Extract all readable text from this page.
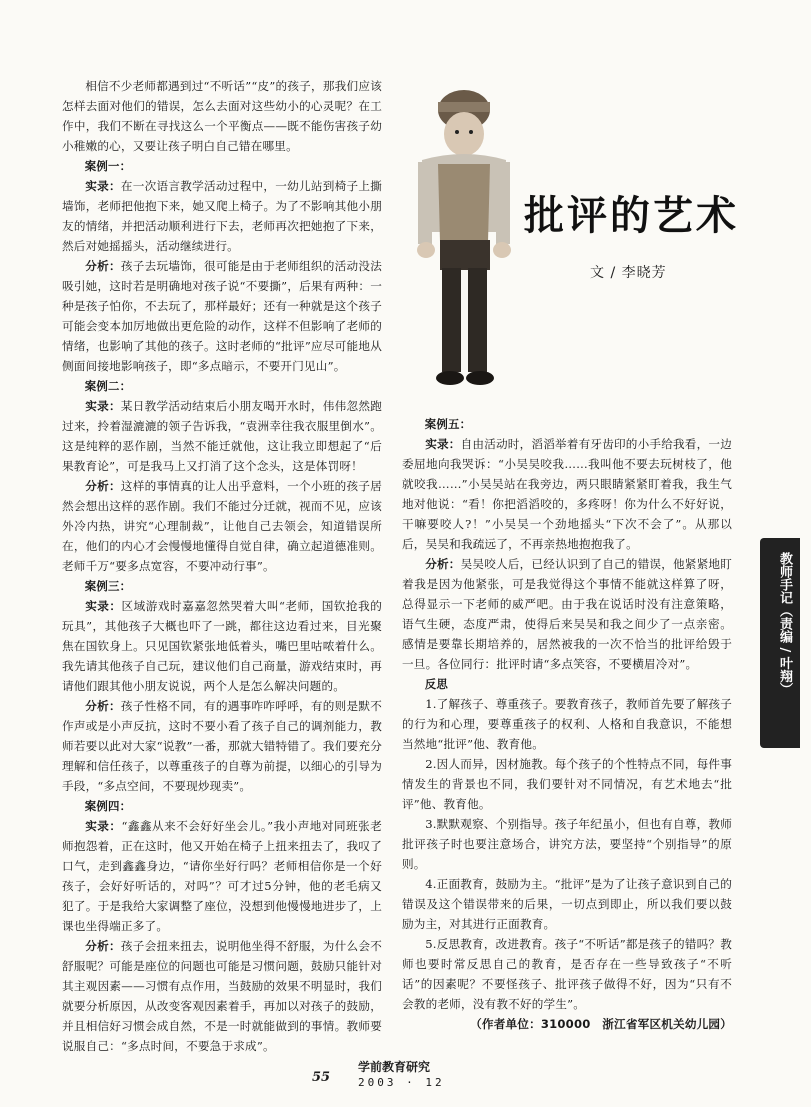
批评的艺术
文 / 李晓芳

相信不少老师都遇到过“不听话”“皮”的孩子，那我们应该怎样去面对他们的错误，怎么去面对这些幼小的心灵呢？在工作中，我们不断在寻找这么一个平衡点——既不能伤害孩子幼小稚嫩的心，又要让孩子明白自己错在哪里。

案例一：

实录：在一次语言教学活动过程中，一幼儿站到椅子上撕墙饰，老师把他抱下来，她又爬上椅子。为了不影响其他小朋友的情绪，并把活动顺利进行下去，老师再次把她抱了下来，然后对她摇摇头，活动继续进行。

分析：孩子去玩墙饰，很可能是由于老师组织的活动没法吸引她，这时若是明确地对孩子说“不要撕”，后果有两种：一种是孩子怕你，不去玩了，那样最好；还有一种就是这个孩子可能会变本加厉地做出更危险的动作，这样不但影响了老师的情绪，也影响了其他的孩子。这时老师的“批评”应尽可能地从侧面间接地影响孩子，即“多点暗示，不要开门见山”。

案例二：

实录：某日教学活动结束后小朋友喝开水时，伟伟忽然跑过来，拎着湿漉漉的领子告诉我，“袁洲幸往我衣服里倒水”。这是纯粹的恶作剧，当然不能迁就他，这让我立即想起了“后果教育论”，可是我马上又打消了这个念头，这是体罚呀！

分析：这样的事情真的让人出乎意料，一个小班的孩子居然会想出这样的恶作剧。我们不能过分迁就，视而不见，应该外冷内热，讲究“心理制裁”，让他自己去领会，知道错误所在，他们的内心才会慢慢地懂得自觉自律，确立起道德准则。老师千万“要多点宽容，不要冲动行事”。

案例三：

实录：区域游戏时嘉嘉忽然哭着大叫“老师，国钦抢我的玩具”，其他孩子大概也吓了一跳，都往这边看过来，目光聚焦在国钦身上。只见国钦紧张地低着头，嘴巴里咕哝着什么。我先请其他孩子自己玩，建议他们自己商量，游戏结束时，再请他们跟其他小朋友说说，两个人是怎么解决问题的。

分析：孩子性格不同，有的遇事咋咋呼呼，有的则是默不作声或是小声反抗，这时不要小看了孩子自己的调剂能力，教师若要以此对大家“说教”一番，那就大错特错了。我们要充分理解和信任孩子，以尊重孩子的自尊为前提，以细心的引导为手段，“多点空间，不要现炒现卖”。

案例四：

实录：“鑫鑫从来不会好好坐会儿。”我小声地对同班张老师抱怨着，正在这时，他又开始在椅子上扭来扭去了，我叹了口气，走到鑫鑫身边，“请你坐好行吗？老师相信你是一个好孩子，会好好听话的，对吗”？可才过5分钟，他的老毛病又犯了。于是我给大家调整了座位，没想到他慢慢地进步了，上课也坐得端正多了。

分析：孩子会扭来扭去，说明他坐得不舒服，为什么会不舒服呢？可能是座位的问题也可能是习惯问题，鼓励只能针对其主观因素——习惯有点作用，当鼓励的效果不明显时，我们就要分析原因，从改变客观因素着手，再加以对孩子的鼓励，并且相信好习惯会成自然，不是一时就能做到的事情。教师要说服自己：“多点时间，不要急于求成”。

案例五：

实录：自由活动时，滔滔举着有牙齿印的小手给我看，一边委屈地向我哭诉：“小吴吴咬我……我叫他不要去玩树枝了，他就咬我……”小吴吴站在我旁边，两只眼睛紧紧盯着我，我生气地对他说：“看！你把滔滔咬的，多疼呀！你为什么不好好说，干嘛要咬人?！”小吴吴一个劲地摇头“下次不会了”。从那以后，吴吴和我疏远了，不再亲热地抱抱我了。

分析：吴吴咬人后，已经认识到了自己的错误，他紧紧地盯着我是因为他紧张，可是我觉得这个事情不能就这样算了呀，总得显示一下老师的威严吧。由于我在说话时没有注意策略，语气生硬，态度严肃，使得后来吴吴和我之间少了一点亲密。感情是要靠长期培养的，居然被我的一次不恰当的批评给毁于一旦。各位同行：批评时请“多点笑容，不要横眉冷对”。

反思

1.了解孩子、尊重孩子。要教育孩子，教师首先要了解孩子的行为和心理，要尊重孩子的权利、人格和自我意识，不能想当然地“批评”他、教育他。

2.因人而异，因材施教。每个孩子的个性特点不同，每件事情发生的背景也不同，我们要针对不同情况，有艺术地去“批评”他、教育他。

3.默默观察、个别指导。孩子年纪虽小，但也有自尊，教师批评孩子时也要注意场合，讲究方法，要坚持“个别指导”的原则。

4.正面教育，鼓励为主。“批评”是为了让孩子意识到自己的错误及这个错误带来的后果，一切点到即止，所以我们要以鼓励为主，对其进行正面教育。

5.反思教育，改进教育。孩子“不听话”都是孩子的错吗？教师也要时常反思自己的教育，是否存在一些导致孩子“不听话”的因素呢？不要怪孩子、批评孩子做得不好，因为“只有不会教的老师，没有教不好的学生”。

（作者单位：310000　浙江省军区机关幼儿园）

教师手记（责编 / 叶翔）
55
学前教育研究
2003 · 12
